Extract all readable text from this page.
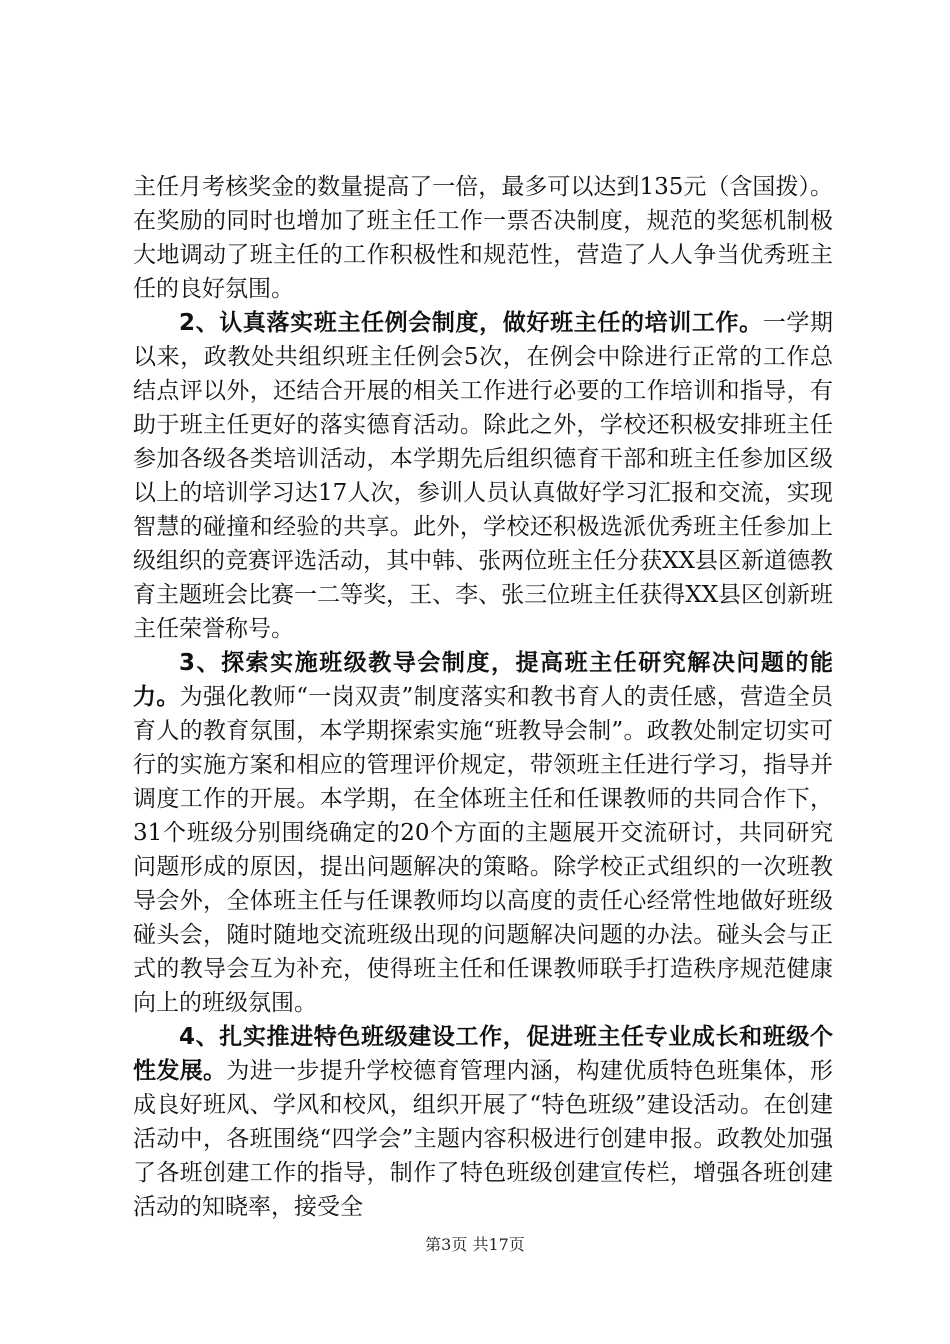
主任月考核奖金的数量提高了一倍，最多可以达到135元（含国拨）。在奖励的同时也增加了班主任工作一票否决制度，规范的奖惩机制极大地调动了班主任的工作积极性和规范性，营造了人人争当优秀班主任的良好氛围。

2、认真落实班主任例会制度，做好班主任的培训工作。一学期以来，政教处共组织班主任例会5次，在例会中除进行正常的工作总结点评以外，还结合开展的相关工作进行必要的工作培训和指导，有助于班主任更好的落实德育活动。除此之外，学校还积极安排班主任参加各级各类培训活动，本学期先后组织德育干部和班主任参加区级以上的培训学习达17人次，参训人员认真做好学习汇报和交流，实现智慧的碰撞和经验的共享。此外，学校还积极选派优秀班主任参加上级组织的竞赛评选活动，其中韩、张两位班主任分获XX县区新道德教育主题班会比赛一二等奖，王、李、张三位班主任获得XX县区创新班主任荣誉称号。

3、探索实施班级教导会制度，提高班主任研究解决问题的能力。为强化教师“一岗双责”制度落实和教书育人的责任感，营造全员育人的教育氛围，本学期探索实施“班教导会制”。政教处制定切实可行的实施方案和相应的管理评价规定，带领班主任进行学习，指导并调度工作的开展。本学期，在全体班主任和任课教师的共同合作下，31个班级分别围绕确定的20个方面的主题展开交流研讨，共同研究问题形成的原因，提出问题解决的策略。除学校正式组织的一次班教导会外，全体班主任与任课教师均以高度的责任心经常性地做好班级碰头会，随时随地交流班级出现的问题解决问题的办法。碰头会与正式的教导会互为补充，使得班主任和任课教师联手打造秩序规范健康向上的班级氛围。

4、扎实推进特色班级建设工作，促进班主任专业成长和班级个性发展。为进一步提升学校德育管理内涵，构建优质特色班集体，形成良好班风、学风和校风，组织开展了“特色班级”建设活动。在创建活动中，各班围绕“四学会”主题内容积极进行创建申报。政教处加强了各班创建工作的指导，制作了特色班级创建宣传栏，增强各班创建活动的知晓率，接受全

第3页 共17页
